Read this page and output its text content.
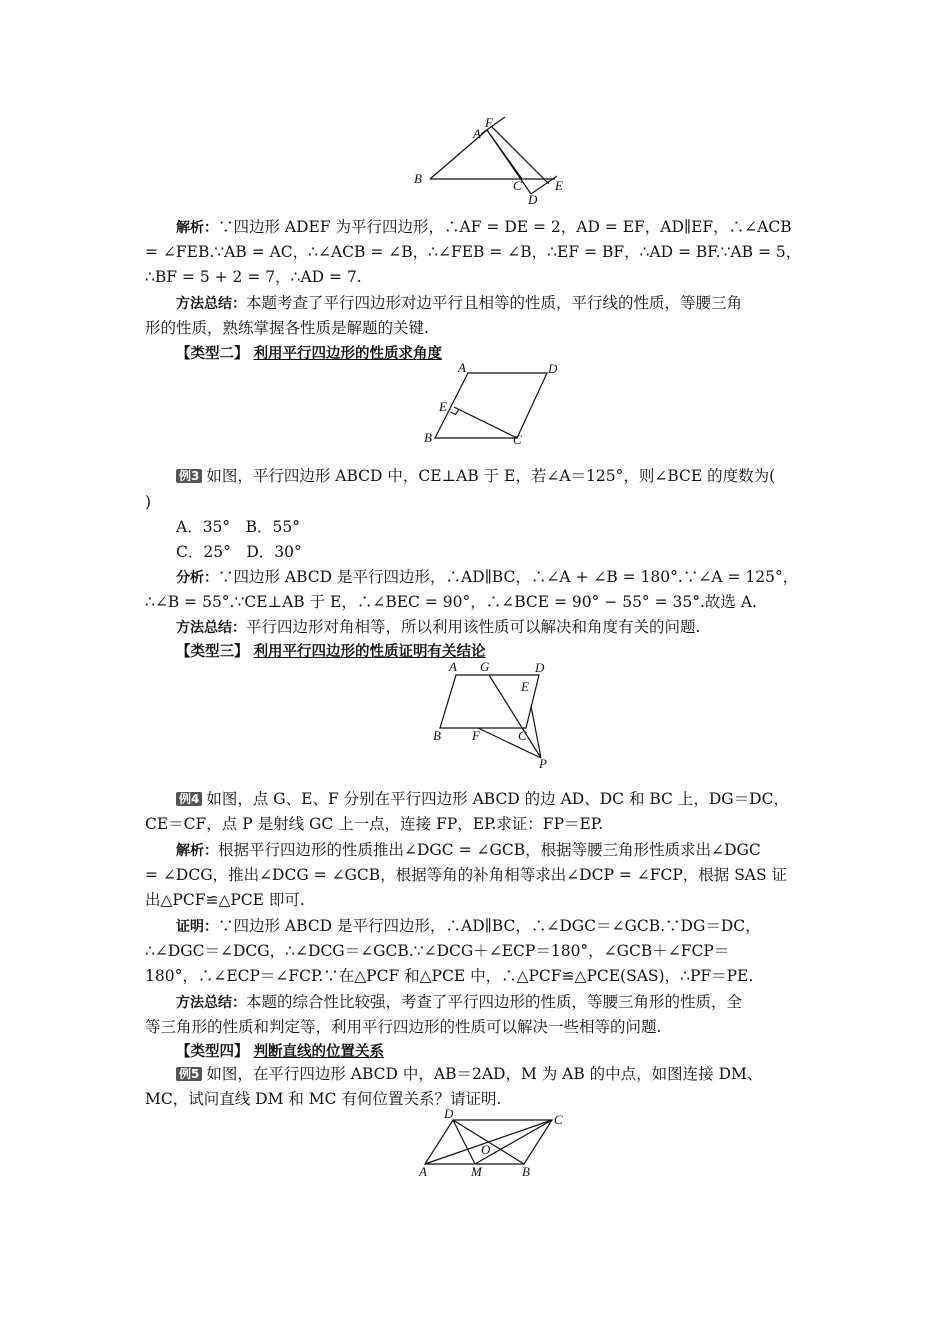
A
F
B	C
D
E
解析：∵四边形 ADEF 为平行四边形，∴AF = DE = 2，AD = EF，AD∥EF，∴∠ACB
= ∠FEB.∵AB = AC，∴∠ACB = ∠B，∴∠FEB = ∠B，∴EF = BF，∴AD = BF.∵AB = 5，
∴BF = 5 + 2 = 7，∴AD = 7.
方法总结：本题考查了平行四边形对边平行且相等的性质，平行线的性质，等腰三角
形的性质，熟练掌握各性质是解题的关键.
【类型二】 利用平行四边形的性质求角度
A	D
E
B	C
例3 如图，平行四边形 ABCD 中，CE⊥AB 于 E，若∠A＝125°，则∠BCE 的度数为(
)
A．35°　B．55°
C．25°　D．30°
分析：∵四边形 ABCD 是平行四边形，∴AD∥BC，∴∠A + ∠B = 180°.∵∠A = 125°，
∴∠B = 55°.∵CE⊥AB 于 E，∴∠BEC = 90°，∴∠BCE = 90° − 55° = 35°.故选 A.
方法总结：平行四边形对角相等，所以利用该性质可以解决和角度有关的问题.
【类型三】 利用平行四边形的性质证明有关结论
A G	D
E
B F	C
P
例4 如图，点 G、E、F 分别在平行四边形 ABCD 的边 AD、DC 和 BC 上，DG＝DC，
CE＝CF，点 P 是射线 GC 上一点，连接 FP，EP.求证：FP＝EP.
解析：根据平行四边形的性质推出∠DGC = ∠GCB，根据等腰三角形性质求出∠DGC
= ∠DCG，推出∠DCG = ∠GCB，根据等角的补角相等求出∠DCP = ∠FCP，根据 SAS 证
出△PCF≌△PCE 即可.
证明：∵四边形 ABCD 是平行四边形，∴AD∥BC，∴∠DGC＝∠GCB.∵DG＝DC，
∴∠DGC＝∠DCG，∴∠DCG＝∠GCB.∵∠DCG＋∠ECP＝180°，∠GCB＋∠FCP＝
180°，∴∠ECP＝∠FCP.∵在△PCF 和△PCE 中，∴△PCF≌△PCE(SAS)，∴PF＝PE.
方法总结：本题的综合性比较强，考查了平行四边形的性质，等腰三角形的性质，全
等三角形的性质和判定等，利用平行四边形的性质可以解决一些相等的问题.
【类型四】 判断直线的位置关系
例5 如图，在平行四边形 ABCD 中，AB＝2AD，M 为 AB 的中点，如图连接 DM、
MC，试问直线 DM 和 MC 有何位置关系？请证明.
D	C
O
A	M	B
